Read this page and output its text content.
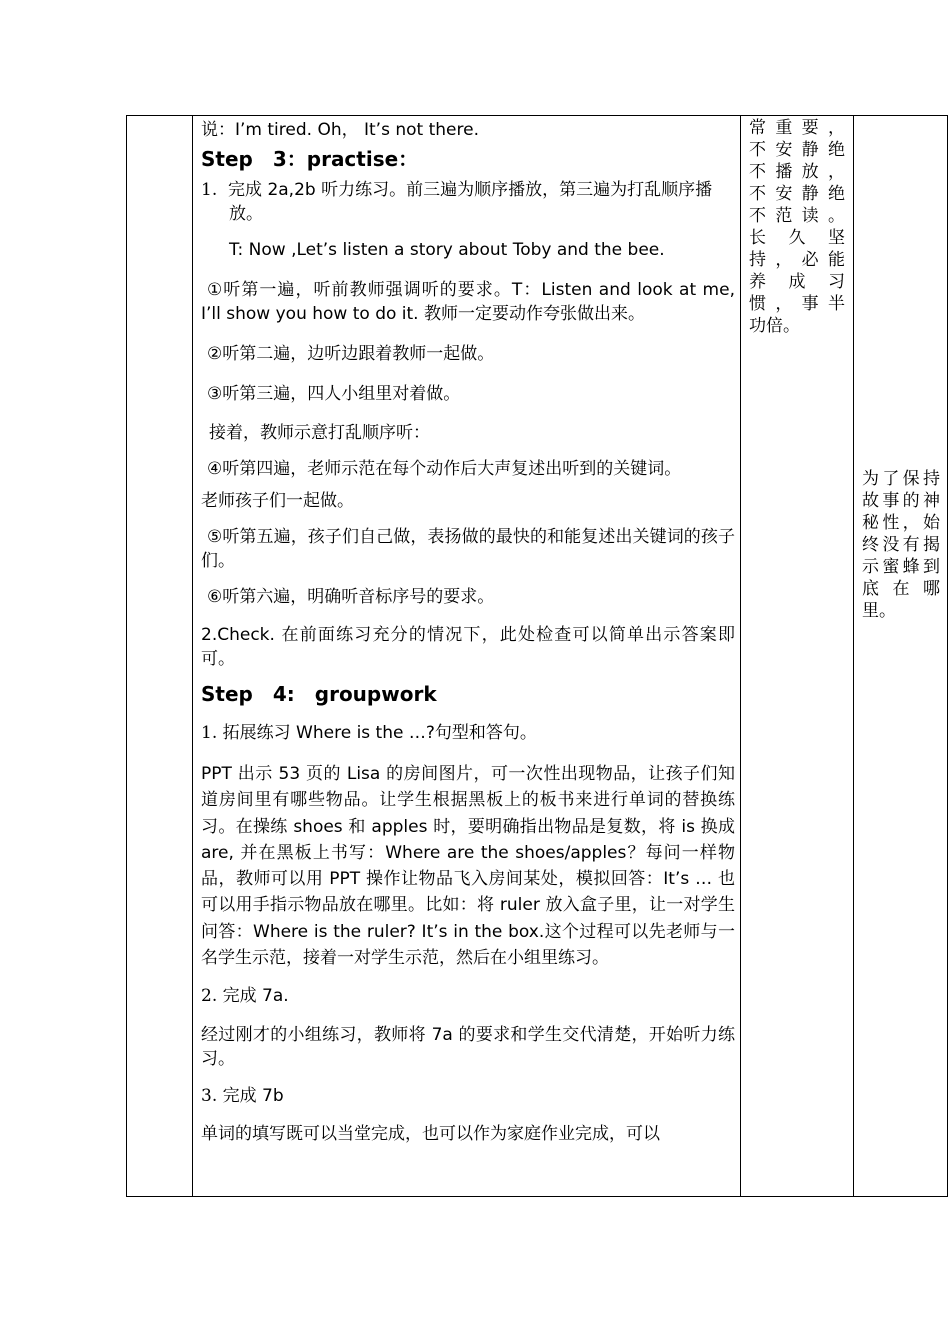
说：I’m tired. Oh， It’s not there.

Step　3：practise：

1. 完成 2a,2b 听力练习。前三遍为顺序播放，第三遍为打乱顺序播放。

T: Now ,Let’s listen a story about Toby and the bee.

①听第一遍，听前教师强调听的要求。T：Listen and look at me, I’ll show you how to do it. 教师一定要动作夸张做出来。

②听第二遍，边听边跟着教师一起做。

③听第三遍，四人小组里对着做。

接着，教师示意打乱顺序听：

④听第四遍，老师示范在每个动作后大声复述出听到的关键词。

老师孩子们一起做。

⑤听第五遍，孩子们自己做，表扬做的最快的和能复述出关键词的孩子们。

⑥听第六遍，明确听音标序号的要求。

2.Check. 在前面练习充分的情况下，此处检查可以简单出示答案即可。

Step　4:　groupwork

1. 拓展练习 Where is the …?句型和答句。

PPT 出示 53 页的 Lisa 的房间图片，可一次性出现物品，让孩子们知道房间里有哪些物品。让学生根据黑板上的板书来进行单词的替换练习。在操练 shoes 和 apples 时，要明确指出物品是复数，将 is 换成 are, 并在黑板上书写：Where are the shoes/apples？每问一样物品，教师可以用 PPT 操作让物品飞入房间某处，模拟回答：It’s … 也可以用手指示物品放在哪里。比如：将 ruler 放入盒子里，让一对学生问答：Where is the ruler? It’s in the box.这个过程可以先老师与一名学生示范，接着一对学生示范，然后在小组里练习。

2. 完成 7a.

经过刚才的小组练习，教师将 7a 的要求和学生交代清楚，开始听力练习。

3. 完成 7b

单词的填写既可以当堂完成，也可以作为家庭作业完成，可以

常重要，
不安静绝
不播放，
不安静绝
不范读。
长 久 坚
持，必能
养 成 习
惯，事半
功倍。
为了保持
故事的神
秘性，始
终没有揭
示蜜蜂到
底 在 哪
里。
